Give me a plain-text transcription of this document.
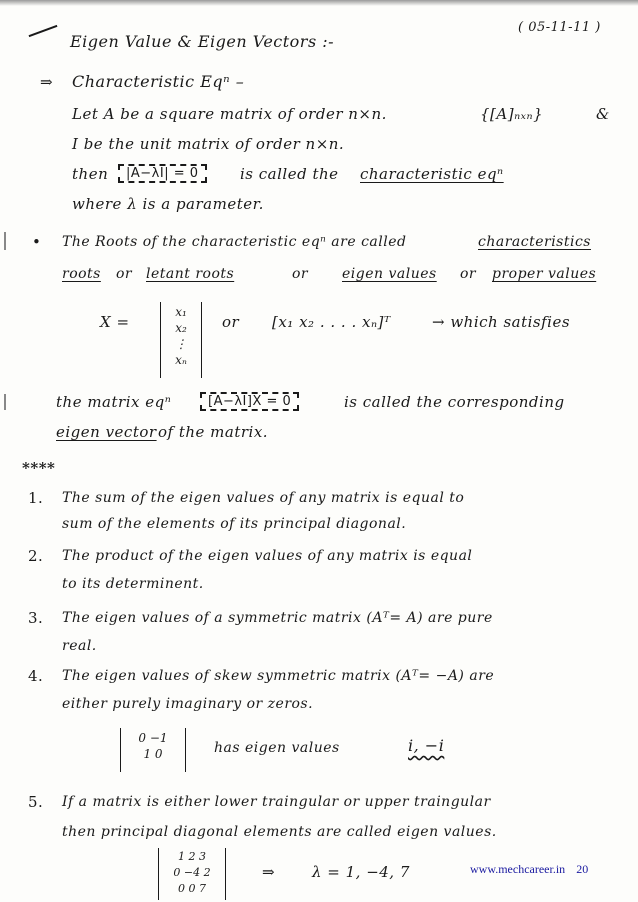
( 05-11-11 )
Eigen Value & Eigen Vectors :-
⇒ Characteristic Eqⁿ –
Let A be a square matrix of order n×n.	{[A]ₙₓₙ}	&
I be the unit matrix of order n×n.
then	|A−λI| = 0	is called the characteristic eqⁿ
where λ is a parameter.
• The Roots of the characteristic eqⁿ are called	characteristics
roots or letant roots	or eigen values or proper values
X =
x₁
x₂
⋮
xₙ
or [x₁ x₂ . . . . xₙ]ᵀ	→ which satisfies
the matrix eqⁿ	[A−λI]X = 0	is called the corresponding
eigen vector of the matrix.
****
1. The sum of the eigen values of any matrix is equal to
sum of the elements of its principal diagonal.
2. The product of the eigen values of any matrix is equal
to its determinent.
3. The eigen values of a symmetric matrix (Aᵀ= A) are pure
real.
4. The eigen values of skew symmetric matrix (Aᵀ= −A) are
either purely imaginary or zeros.
0 −1
1 0	has eigen values	i, −i
5. If a matrix is either lower traingular or upper traingular
then principal diagonal elements are called eigen values.
1 2 3
0 −4 2
0 0 7
⇒ λ = 1, −4, 7	www.mechcareer.in 20
